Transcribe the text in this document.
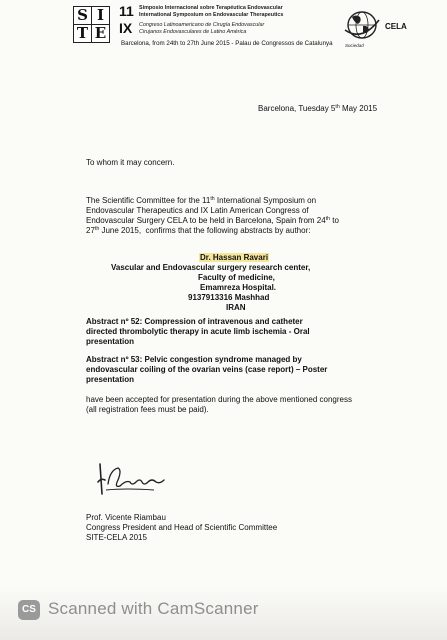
S I
T E
11
IX
Simposio Internacional sobre Terapéutica Endovascular
International Symposium on Endovascular Therapeutics
Congreso Latinoamericano de Cirugía Endovascular
Cirujanos Endovasculares de Latino América
Barcelona, from 24th to 27th June 2015 - Palau de Congressos de Catalunya	Sociedad
CELA
Barcelona, Tuesday 5th May 2015
To whom it may concern.
The Scientific Committee for the 11th International Symposium on
Endovascular Therapeutics and IX Latin American Congress of
Endovascular Surgery CELA to be held in Barcelona, Spain from 24th to
27th June 2015,  confirms that the following abstracts by author:
Dr. Hassan Ravari
Vascular and Endovascular surgery research center,
Faculty of medicine,
Emamreza Hospital.
9137913316 Mashhad
IRAN
Abstract nº 52: Compression of intravenous and catheter
directed thrombolytic therapy in acute limb ischemia - Oral
presentation
Abstract nº 53: Pelvic congestion syndrome managed by
endovascular coiling of the ovarian veins (case report) – Poster
presentation
have been accepted for presentation during the above mentioned congress
(all registration fees must be paid).
Prof. Vicente Riambau
Congress President and Head of Scientific Committee
SITE-CELA 2015
CS Scanned with CamScanner
